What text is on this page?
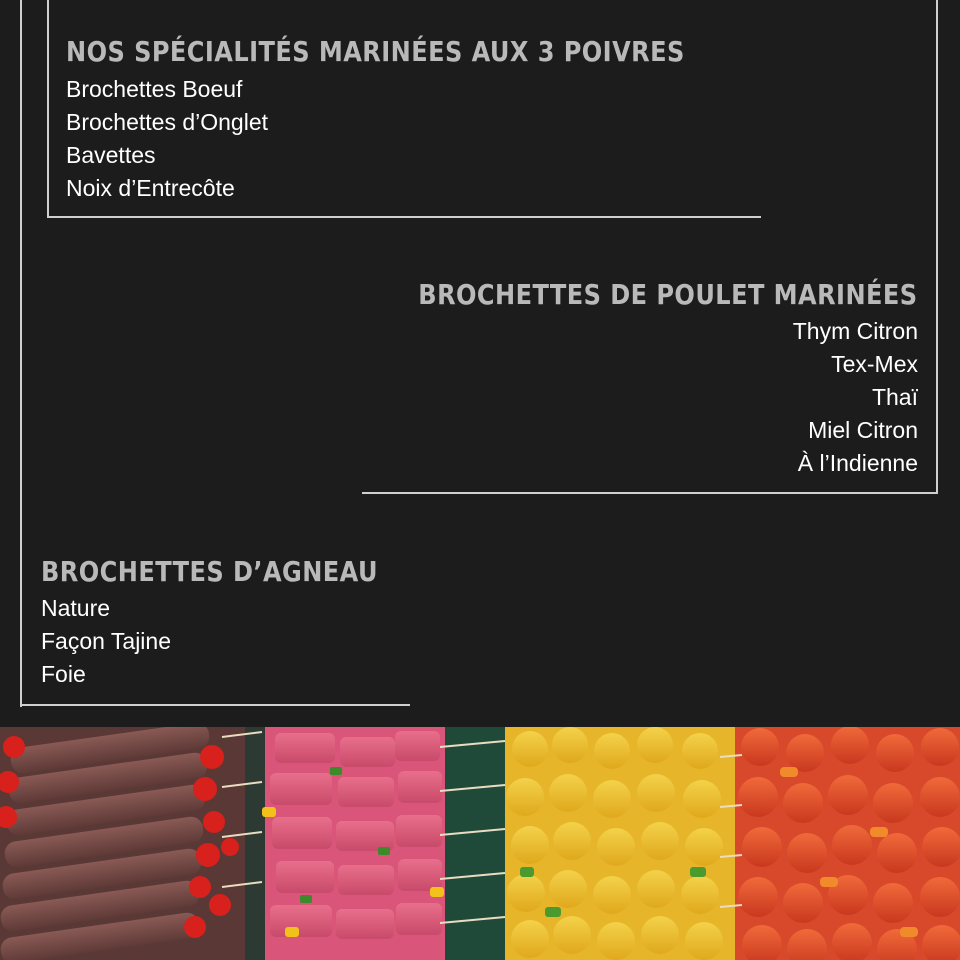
NOS SPÉCIALITÉS MARINÉES AUX 3 POIVRES
Brochettes Boeuf
Brochettes d’Onglet
Bavettes
Noix d’Entrecôte
BROCHETTES DE POULET MARINÉES
Thym Citron
Tex-Mex
Thaï
Miel Citron
À l’Indienne
BROCHETTES D’AGNEAU
Nature
Façon Tajine
Foie
